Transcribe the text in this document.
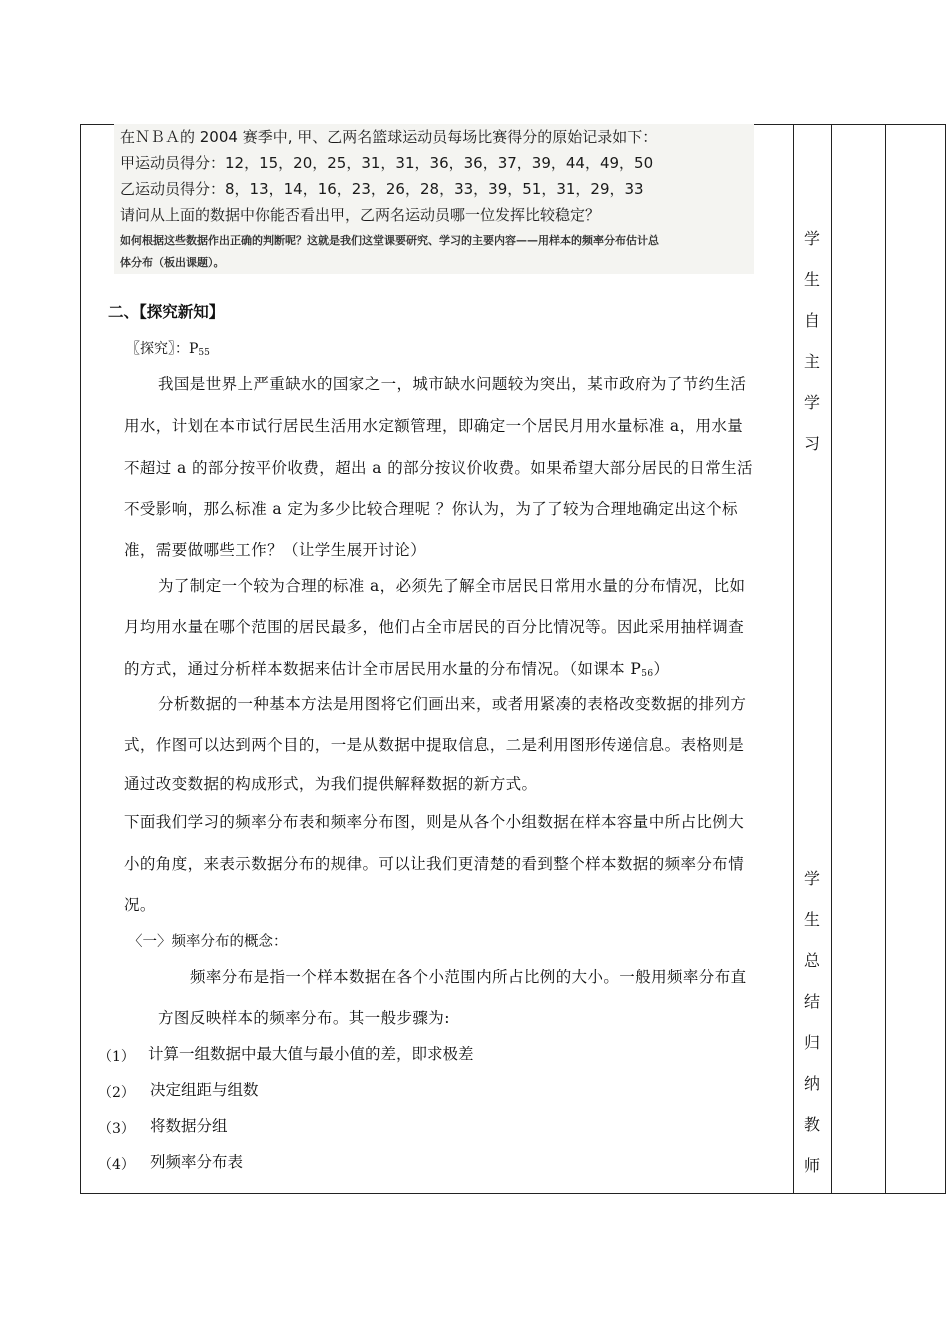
学
生
自
主
学
习
学
生
总
结
归
纳
教
师
在ＮＢＡ的 2004 赛季中, 甲、乙两名篮球运动员每场比赛得分的原始记录如下：
甲运动员得分：12，15，20，25，31，31，36，36，37，39，44，49，50
乙运动员得分：8，13，14，16，23，26，28，33，39，51，31，29，33
请问从上面的数据中你能否看出甲，乙两名运动员哪一位发挥比较稳定？
如何根据这些数据作出正确的判断呢？这就是我们这堂课要研究、学习的主要内容——用样本的频率分布估计总
体分布（板出课题）。
二、【探究新知】
〖探究〗：$P_{55}$
我国是世界上严重缺水的国家之一，城市缺水问题较为突出，某市政府为了节约生活
用水，计划在本市试行居民生活用水定额管理，即确定一个居民月用水量标准 a，用水量
不超过 a 的部分按平价收费，超出 a 的部分按议价收费。如果希望大部分居民的日常生活
不受影响，那么标准 a 定为多少比较合理呢 ？你认为，为了了较为合理地确定出这个标
准，需要做哪些工作？（让学生展开讨论）
为了制定一个较为合理的标准 a，必须先了解全市居民日常用水量的分布情况，比如
月均用水量在哪个范围的居民最多，他们占全市居民的百分比情况等。因此采用抽样调查
的方式，通过分析样本数据来估计全市居民用水量的分布情况。（如课本 $P_{56}$）
分析数据的一种基本方法是用图将它们画出来，或者用紧凑的表格改变数据的排列方
式，作图可以达到两个目的，一是从数据中提取信息，二是利用图形传递信息。表格则是
通过改变数据的构成形式，为我们提供解释数据的新方式。
下面我们学习的频率分布表和频率分布图，则是从各个小组数据在样本容量中所占比例大
小的角度，来表示数据分布的规律。可以让我们更清楚的看到整个样本数据的频率分布情
况。
〈一〉频率分布的概念：
频率分布是指一个样本数据在各个小范围内所占比例的大小。一般用频率分布直
方图反映样本的频率分布。其一般步骤为:
（1） 计算一组数据中最大值与最小值的差，即求极差
（2） 决定组距与组数
（3） 将数据分组
（4） 列频率分布表
